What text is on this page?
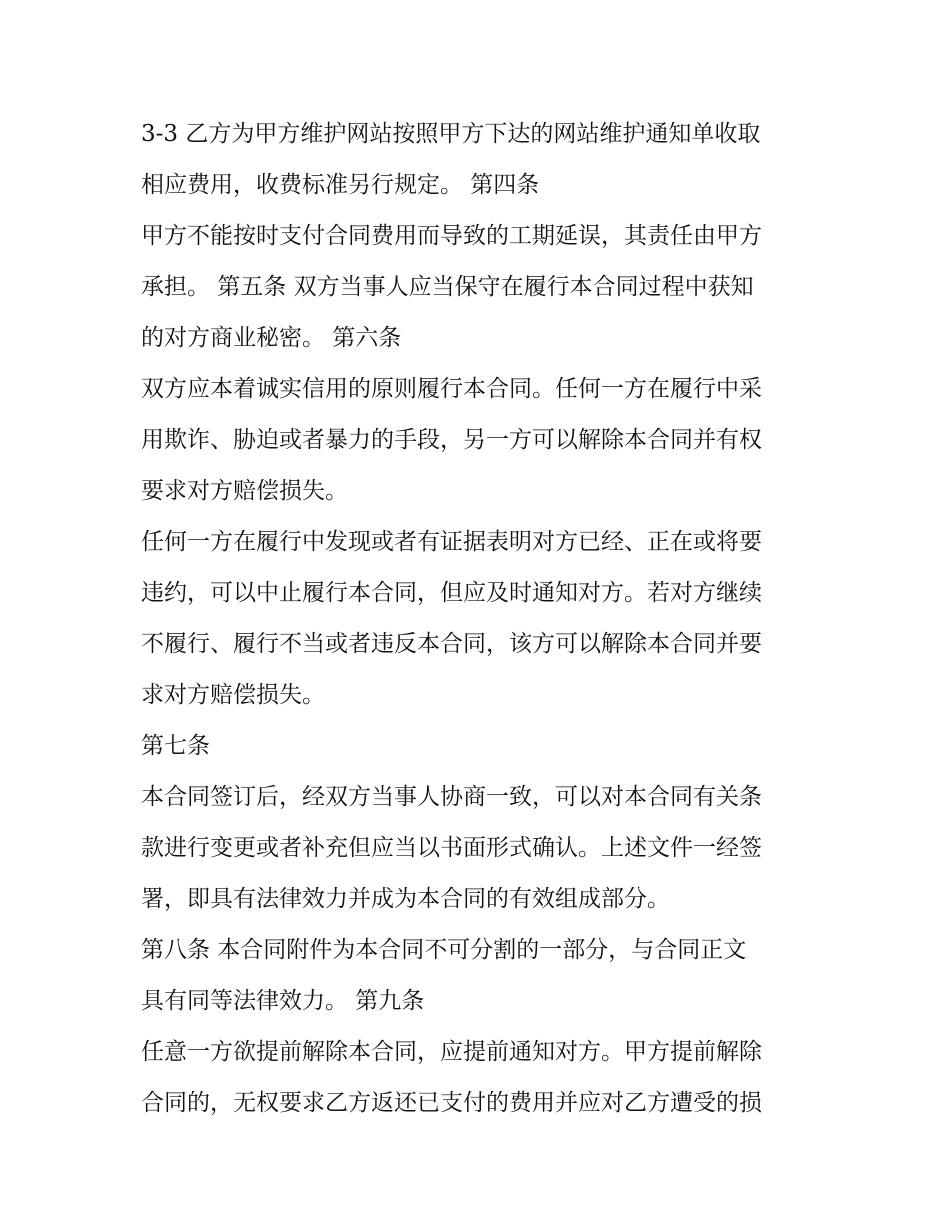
3-3 乙方为甲方维护网站按照甲方下达的网站维护通知单收取
相应费用，收费标准另行规定。 第四条

甲方不能按时支付合同费用而导致的工期延误，其责任由甲方
承担。 第五条 双方当事人应当保守在履行本合同过程中获知
的对方商业秘密。 第六条

双方应本着诚实信用的原则履行本合同。任何一方在履行中采
用欺诈、胁迫或者暴力的手段，另一方可以解除本合同并有权
要求对方赔偿损失。

任何一方在履行中发现或者有证据表明对方已经、正在或将要
违约，可以中止履行本合同，但应及时通知对方。若对方继续
不履行、履行不当或者违反本合同，该方可以解除本合同并要
求对方赔偿损失。

第七条

本合同签订后，经双方当事人协商一致，可以对本合同有关条
款进行变更或者补充但应当以书面形式确认。上述文件一经签
署，即具有法律效力并成为本合同的有效组成部分。

第八条 本合同附件为本合同不可分割的一部分，与合同正文
具有同等法律效力。 第九条

任意一方欲提前解除本合同，应提前通知对方。甲方提前解除
合同的，无权要求乙方返还已支付的费用并应对乙方遭受的损
